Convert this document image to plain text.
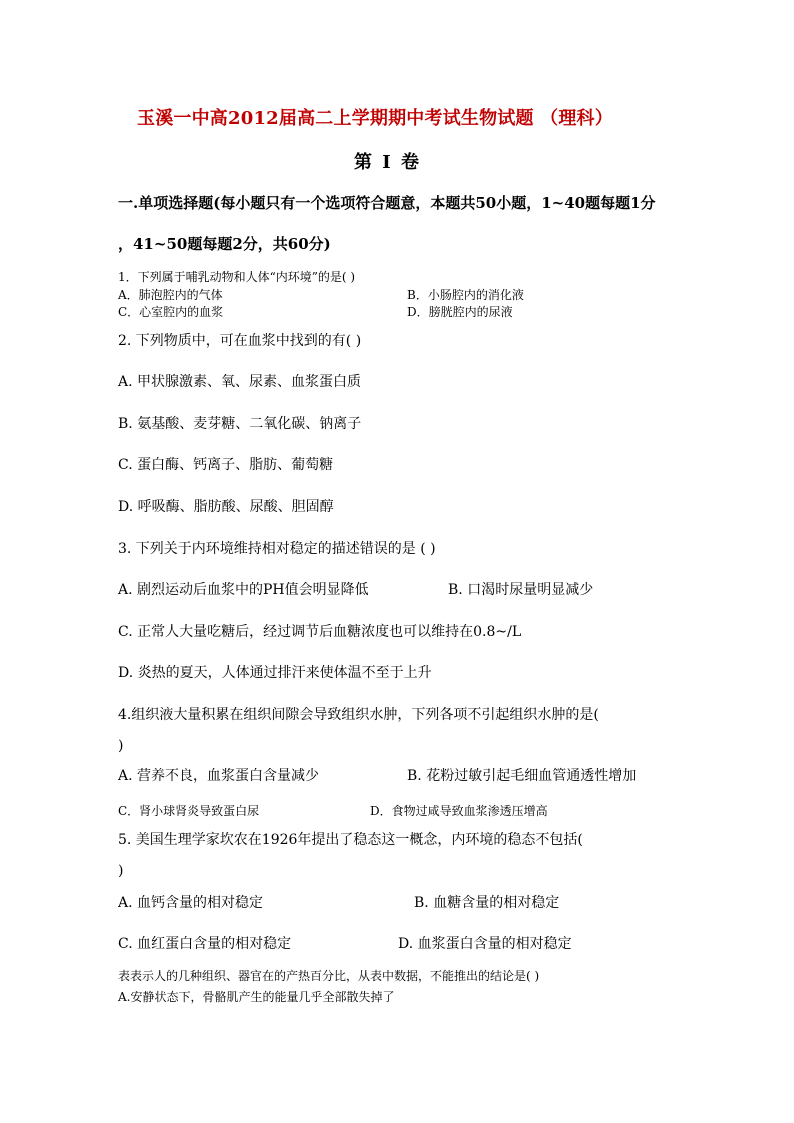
玉溪一中高2012届高二上学期期中考试生物试题 （理科）
第 I 卷
一.单项选择题(每小题只有一个选项符合题意，本题共50小题，1~40题每题1分
，41~50题每题2分，共60分)
1．下列属于哺乳动物和人体“内环境”的是( )
A．肺泡腔内的气体	B．小肠腔内的消化液
C．心室腔内的血浆	D．膀胱腔内的尿液
2. 下列物质中，可在血浆中找到的有( )
A. 甲状腺激素、氧、尿素、血浆蛋白质
B. 氨基酸、麦芽糖、二氧化碳、钠离子
C. 蛋白酶、钙离子、脂肪、葡萄糖
D. 呼吸酶、脂肪酸、尿酸、胆固醇
3. 下列关于内环境维持相对稳定的描述错误的是 ( )
A. 剧烈运动后血浆中的PH值会明显降低	B. 口渴时尿量明显减少
C. 正常人大量吃糖后，经过调节后血糖浓度也可以维持在0.8~/L
D. 炎热的夏天，人体通过排汗来使体温不至于上升
4.组织液大量积累在组织间隙会导致组织水肿，下列各项不引起组织水肿的是(
)
A. 营养不良，血浆蛋白含量减少	B. 花粉过敏引起毛细血管通透性增加
C．肾小球肾炎导致蛋白尿	D．食物过咸导致血浆渗透压增高
5. 美国生理学家坎农在1926年提出了稳态这一概念，内环境的稳态不包括(
)
A. 血钙含量的相对稳定	B. 血糖含量的相对稳定
C. 血红蛋白含量的相对稳定	D. 血浆蛋白含量的相对稳定
表表示人的几种组织、器官在的产热百分比，从表中数据，不能推出的结论是( )
A.安静状态下，骨骼肌产生的能量几乎全部散失掉了
